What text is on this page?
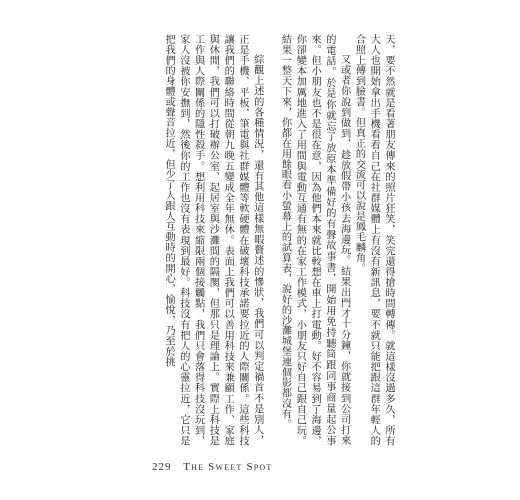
天，要不然就是看著朋友傳來的照片狂笑，笑完還得搶時間轉傳。就這樣沒過多久，所有大人也開始拿出手機看看自己在社群媒體上有沒有新訊息，要不就只能把跟這群年輕人的合照上傳到臉書。但真正的交流可以說是鳳毛麟角。

又或者你說到做到，趁放假帶小孩去海邊玩。結果出門才十分鐘，你就接到公司打來的電話。於是你就忘了放原本準備好的有聲故事書，開始用免持聽筒跟同事商量起公事來。但小朋友也不是很在意，因為他們本來就比較想在車上打電動。好不容易到了海邊，你卻變本加厲地進入了用間與電動互通有無的在家工作模式，小朋友只好自己跟自己玩。結果一整天下來，你都在用餘眼看小螢幕上的試算表，說好的沙灘城堡連個影都沒有。

綜觀上述的各種情況，還有其他這樣無暇贅述的慘狀，我們可以判定禍首不是別人，正是手機、平板、筆電與社群媒體等軟硬體在破壞科技承諾要拉近的人際關係。這些科技讓我們的聯絡時間從朝九晚五變成全年無休。表面上我們可以善用科技來兼顧工作、家庭與休閒，我們可以打破辦公室、起居室與沙灘間的隔閡，但那只是理論上。實際上科技是工作與人際關係的隱性殺手。想利用科技來縮限兩個接觸點，我們只會落得科技沒玩到，家人沒被你安撫到，然後你的工作也沒有表現到最好。科技沒有把人的心靈拉近，它只是把我們的身體或聲音拉近，但少了人跟人互動時的開心、愉悅，乃至於挑

229 The Sweet Spot
